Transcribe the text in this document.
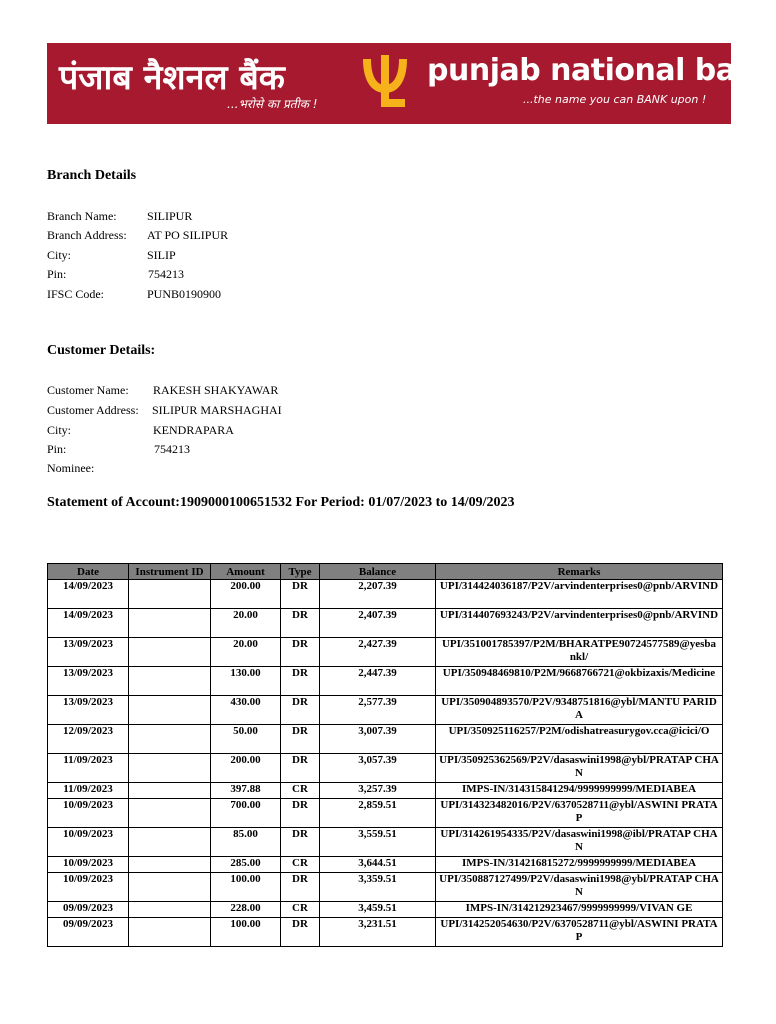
पंजाब नैशनल बैंक
...भरोसे का प्रतीक !
punjab national bank
...the name you can BANK upon !
Branch Details
Branch Name:	SILIPUR
Branch Address: AT PO SILIPUR
City:	SILIP
Pin:	754213
IFSC Code:	PUNB0190900
Customer Details:
Customer Name: RAKESH SHAKYAWAR
Customer Address: SILIPUR MARSHAGHAI
City:	KENDRAPARA
Pin:	754213
Nominee:
Statement of Account:1909000100651532 For Period: 01/07/2023 to 14/09/2023
Date	Instrument ID	Amount	Type	Balance	Remarks
14/09/2023		200.00	DR	2,207.39	UPI/314424036187/P2V/arvindenterprises0@pnb/ARVIND
14/09/2023		20.00	DR	2,407.39	UPI/314407693243/P2V/arvindenterprises0@pnb/ARVIND
13/09/2023		20.00	DR	2,427.39	UPI/351001785397/P2M/BHARATPE90724577589@yesbankl/
13/09/2023		130.00	DR	2,447.39	UPI/350948469810/P2M/9668766721@okbizaxis/Medicine
13/09/2023		430.00	DR	2,577.39	UPI/350904893570/P2V/9348751816@ybl/MANTU PARIDA
12/09/2023		50.00	DR	3,007.39	UPI/350925116257/P2M/odishatreasurygov.cca@icici/O
11/09/2023		200.00	DR	3,057.39	UPI/350925362569/P2V/dasaswini1998@ybl/PRATAP CHAN
11/09/2023		397.88	CR	3,257.39	IMPS-IN/314315841294/9999999999/MEDIABEA
10/09/2023		700.00	DR	2,859.51	UPI/314323482016/P2V/6370528711@ybl/ASWINI PRATAP
10/09/2023		85.00	DR	3,559.51	UPI/314261954335/P2V/dasaswini1998@ibl/PRATAP CHAN
10/09/2023		285.00	CR	3,644.51	IMPS-IN/314216815272/9999999999/MEDIABEA
10/09/2023		100.00	DR	3,359.51	UPI/350887127499/P2V/dasaswini1998@ybl/PRATAP CHAN
09/09/2023		228.00	CR	3,459.51	IMPS-IN/314212923467/9999999999/VIVAN GE
09/09/2023		100.00	DR	3,231.51	UPI/314252054630/P2V/6370528711@ybl/ASWINI PRATAP
